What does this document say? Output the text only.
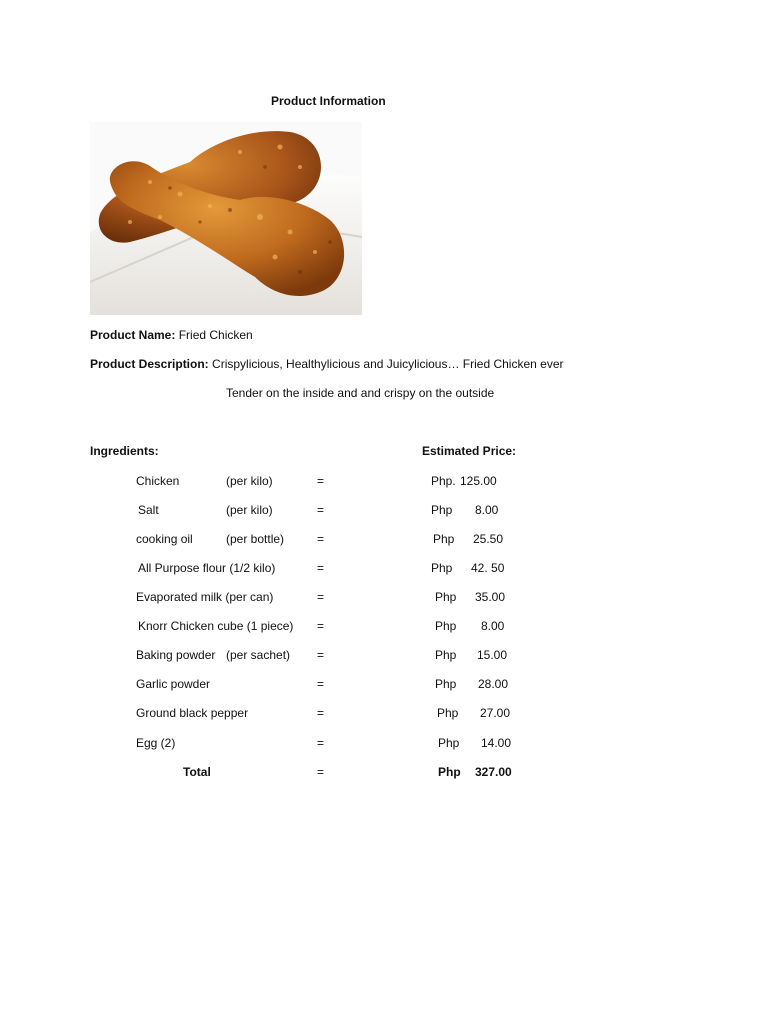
Product Information
Product Name: Fried Chicken
Product Description: Crispylicious, Healthylicious and Juicylicious… Fried Chicken ever
Tender on the inside and and crispy on the outside
Ingredients:	Estimated Price:
Chicken	(per kilo)	=	Php. 125.00
Salt	(per kilo)	=	Php 8.00
cooking oil	(per bottle)	=	Php 25.50
All Purpose flour (1/2 kilo)	=	Php 42. 50
Evaporated milk (per can)	=	Php 35.00
Knorr Chicken cube (1 piece) =	Php 8.00
Baking powder (per sachet) =	Php 15.00
Garlic powder	=	Php 28.00
Ground black pepper	=	Php 27.00
Egg (2)	=	Php 14.00
Total	=	Php 327.00
